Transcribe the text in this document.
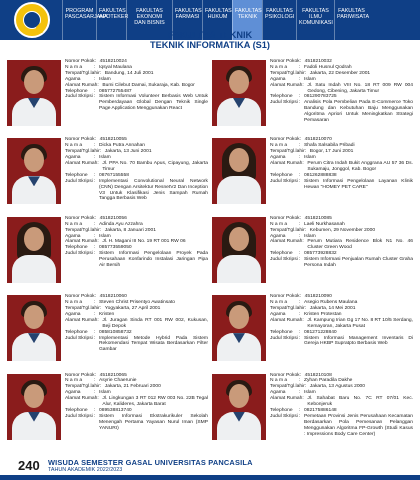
PROGRAM
PASCASARJANA
FAKULTAS
APOTEKER
FAKULTAS EKONOMI
DAN BISNIS
FAKULTAS
FARMASI
FAKULTAS
HUKUM
FAKULTAS
TEKNIK
FAKULTAS
PSIKOLOGI
FAKULTAS ILMU
KOMUNIKASI
FAKULTAS
PARIWISATA
FAKULTAS TEKNIK
TEKNIK INFORMATIKA (S1)
Nomor Pokok : 4518210024
N a m a	: Iqsyal Maulana
Tempat/Tgl.lahir : Bandung, 14 Juli 2001
Agama	: Islam
Alamat Rumah : Bumi Cilebut Damai, Sukaraja, Kab. Bogor
Telephone	: 085772755487
Judul Skripsi : Sistem Informasi Volunteer Berbasis Web Untuk Pemberdayaan Global Dengan Teknik Single Page Application Menggunakan React
Nomor Pokok : 4518210032
N a m a	: Fadoli Husnul Qodrah
Tempat/Tgl.lahir : Jakarta, 22 Desember 2001
Agama	: Islam
Alamat Rumah : Jl. Satu Indah VIII No. 18 RT 009 RW 004 Gedong, Cibening, Jakarta Timur
Telephone	: 081290783725
Judul Skripsi : Analisis Pola Pembelian Pada E-Commerce Toko Bandung dan Kebutuhan Baju Menggunakan Algoritma Apriori Untuk Meningkatkan Strategi Pemasaran
Nomor Pokok : 4518210055
N a m a	: Dicka Putra Annahan
Tempat/Tgl.lahir : Jakarta, 13 Juni 2001
Agama	: Islam
Alamat Rumah : Jl. PPA No. 70 Bambu Apus, Cipayung, Jakarta Timur
Telephone	: 08767155558
Judul Skripsi : Implementasi Convolutional Neural Network (CNN) Dengan Arsitektur ResnetV2 Dan Inception V3 Untuk Klasifikasi Jenis Sampah Rumah Tangga Berbasis Web
Nomor Pokok : 4518210070
N a m a	: Shafa Salsabila Pribadi
Tempat/Tgl.lahir : Bogor, 17 Juni 2001
Agama	: Islam
Alamat Rumah : Perum Citra Indah Bukit Anggrana AU 57 36 Ds. Sukamaju, Jonggol, Kab. Bogor
Telephone	: 081262888838
Judul Skripsi : Sistem Informasi Pengelolaan Layanan Klinik Hewan "HOMEY PET CARE"
Nomor Pokok : 4518210056
N a m a	: Adinda Ayu Azzahra
Tempat/Tgl.lahir : Jakarta, 8 Januari 2001
Agama	: Islam
Alamat Rumah : Jl. H. Magani III No. 19 RT 001 RW 06
Telephone	: 085773559050
Judul Skripsi : Sistem Informasi Pengelolaan Proyek Pada Perusahaan Konfarindo Instalasi Jaringan Pipa Air Bersih
Nomor Pokok : 4518210085
N a m a	: Laeli Nurkhasanah
Tempat/Tgl.lahir : Kebumen, 29 November 2000
Agama	: Islam
Alamat Rumah : Perum Mutiara Residence Blok N1 No. 46 Cluster Green Wood
Telephone	: 085773928832
Judul Skripsi : Sistem Informasi Penjualan Rumah Cluster Graha Persona Indah
Nomor Pokok : 4518210060
N a m a	: Steven Christ Prisentyo Awatinsato
Tempat/Tgl.lahir : Yogyakarta, 27 April 2001
Agama	: Kristen
Alamat Rumah : Jl. Juragan Sinda RT 001 RW 002, Kukusan, Beji Depok
Telephone	: 085810858732
Judul Skripsi : Implementasi Metode Hybrid Pada Sistem Rekomendasi Tempat Wisata Berdasarkan Filter Gambar
Nomor Pokok : 4518210090
N a m a	: Asegio Rubens Maulana
Tempat/Tgl.lahir : Jakarta, 14 Mei 2001
Agama	: Kristen Protestan
Alamat Rumah : Jl. Kampung Irian Gg 17 No. 8 RT 10/5 Serdang, Kemayoran, Jakarta Pusat
Telephone	: 081271228840
Judul Skripsi : Sistem Informasi Management Inventaris Di Gereja HKBP Supratpto Berbasis Web
Nomor Pokok : 4518210065
N a m a	: Asyrie Chaerunie
Tempat/Tgl.lahir : Jakarta, 21 Februari 2000
Agama	: Islam
Alamat Rumah : Jl. Lingkungan 3 RT 012 RW 003 No. 22B Tegal Alur, Kalideres, Jakarta Barat
Telephone	: 089538813740
Judul Skripsi : Sistem Informasi Ekstrakurikuler Sekolah Menengah Pertama Yayasan Nurul Iman (SMP YANURI)
Nomor Pokok : 4518210108
N a m a	: Zyhan Paradila Dakhe
Tempat/Tgl.lahir : Jakarta, 13 Agustus 2000
Agama	: Islam
Alamat Rumah : Jl. Sahabat Baru No. 7C RT 07/01 Kec. Kebonjeruk
Telephone	: 082175886148
Judul Skripsi : Pemetaan Provinsi Jenis Perusahaan Kecamatan Berdasarkan Pola Pemesanan Pelanggan Menggunakan Algoritma FP-Growth (Studi Kasus : Impressions Body Care Center)
240 WISUDA SEMESTER GASAL UNIVERSITAS PANCASILA
TAHUN AKADEMIK 2022/2023
